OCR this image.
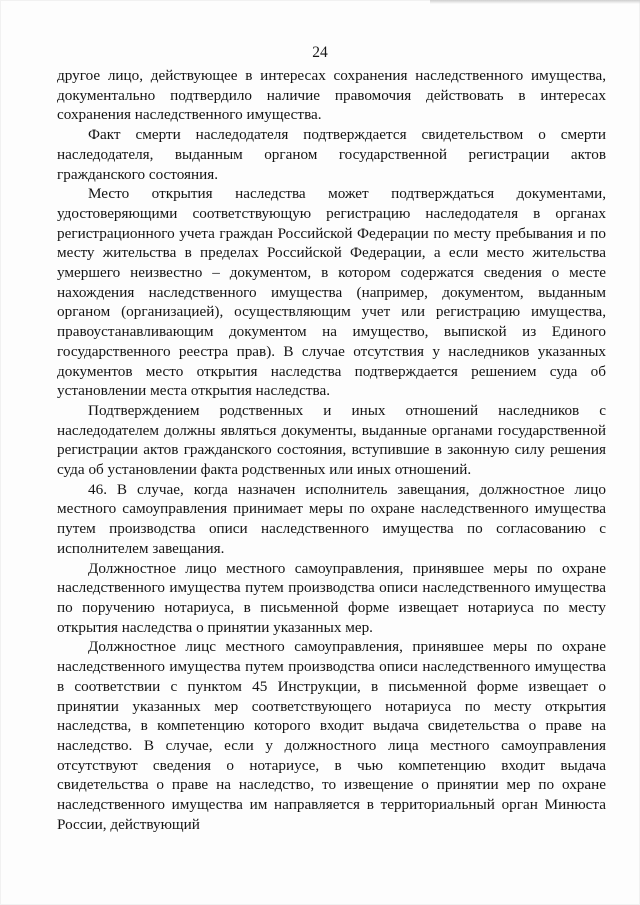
24

другое лицо, действующее в интересах сохранения наследственного имущества, документально подтвердило наличие правомочия действовать в интересах сохранения наследственного имущества.

Факт смерти наследодателя подтверждается свидетельством о смерти наследодателя, выданным органом государственной регистрации актов гражданского состояния.

Место открытия наследства может подтверждаться документами, удостоверяющими соответствующую регистрацию наследодателя в органах регистрационного учета граждан Российской Федерации по месту пребывания и по месту жительства в пределах Российской Федерации, а если место жительства умершего неизвестно – документом, в котором содержатся сведения о месте нахождения наследственного имущества (например, документом, выданным органом (организацией), осуществляющим учет или регистрацию имущества, правоустанавливающим документом на имущество, выпиской из Единого государственного реестра прав). В случае отсутствия у наследников указанных документов место открытия наследства подтверждается решением суда об установлении места открытия наследства.

Подтверждением родственных и иных отношений наследников с наследодателем должны являться документы, выданные органами государственной регистрации актов гражданского состояния, вступившие в законную силу решения суда об установлении факта родственных или иных отношений.

46. В случае, когда назначен исполнитель завещания, должностное лицо местного самоуправления принимает меры по охране наследственного имущества путем производства описи наследственного имущества по согласованию с исполнителем завещания.

Должностное лицо местного самоуправления, принявшее меры по охране наследственного имущества путем производства описи наследственного имущества по поручению нотариуса, в письменной форме извещает нотариуса по месту открытия наследства о принятии указанных мер.

Должностное лицс местного самоуправления, принявшее меры по охране наследственного имущества путем производства описи наследственного имущества в соответствии с пунктом 45 Инструкции, в письменной форме извещает о принятии указанных мер соответствующего нотариуса по месту открытия наследства, в компетенцию которого входит выдача свидетельства о праве на наследство. В случае, если у должностного лица местного самоуправления отсутствуют сведения о нотариусе, в чью компетенцию входит выдача свидетельства о праве на наследство, то извещение о принятии мер по охране наследственного имущества им направляется в территориальный орган Минюста России, действующий
